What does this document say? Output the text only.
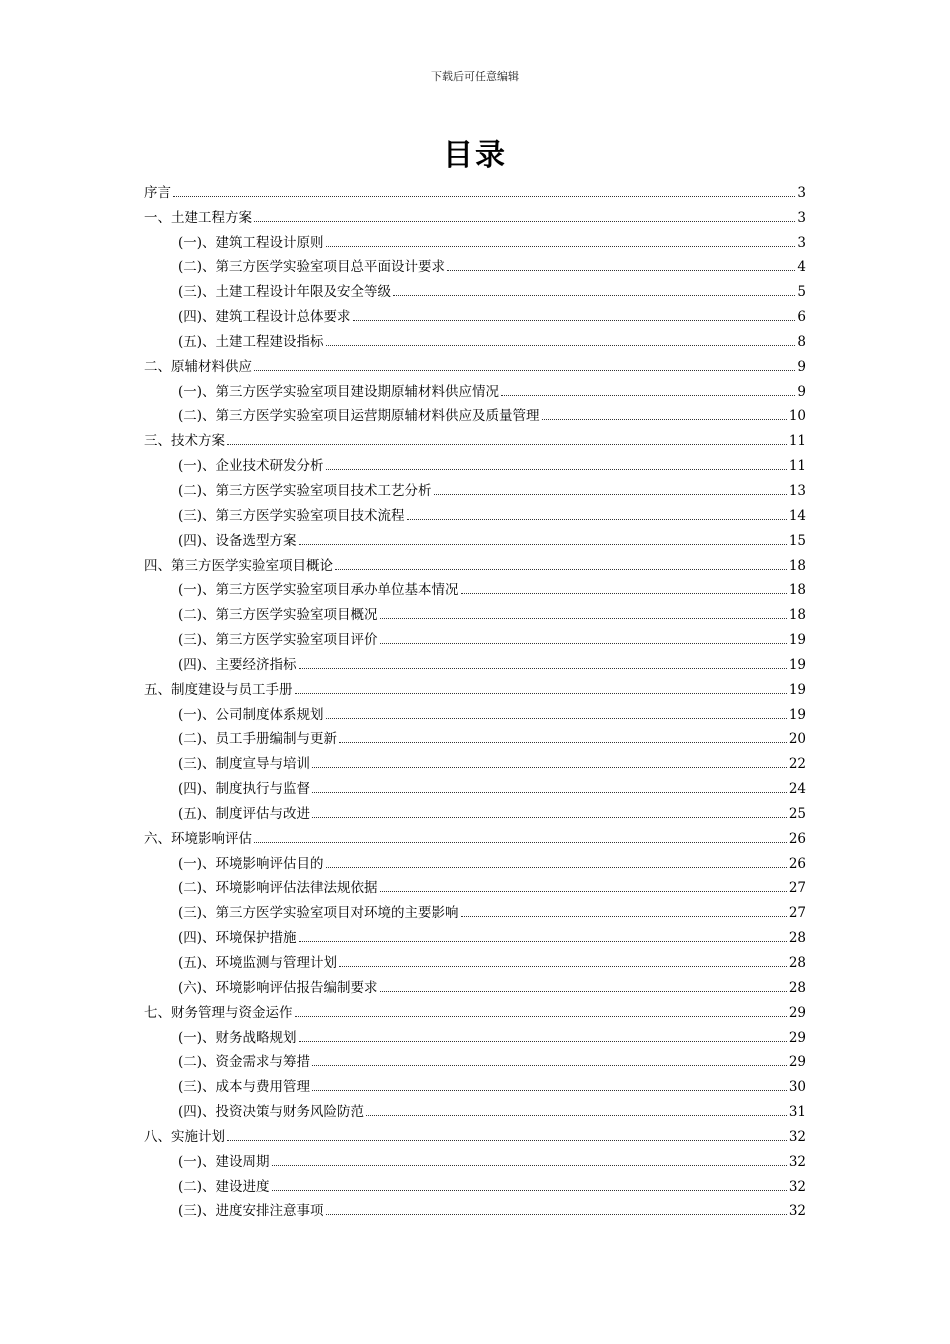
下载后可任意编辑
目录
序言	3
一、土建工程方案	3
(一)、建筑工程设计原则	3
(二)、第三方医学实验室项目总平面设计要求	4
(三)、土建工程设计年限及安全等级	5
(四)、建筑工程设计总体要求	6
(五)、土建工程建设指标	8
二、原辅材料供应	9
(一)、第三方医学实验室项目建设期原辅材料供应情况	9
(二)、第三方医学实验室项目运营期原辅材料供应及质量管理	10
三、技术方案	11
(一)、企业技术研发分析	11
(二)、第三方医学实验室项目技术工艺分析	13
(三)、第三方医学实验室项目技术流程	14
(四)、设备选型方案	15
四、第三方医学实验室项目概论	18
(一)、第三方医学实验室项目承办单位基本情况	18
(二)、第三方医学实验室项目概况	18
(三)、第三方医学实验室项目评价	19
(四)、主要经济指标	19
五、制度建设与员工手册	19
(一)、公司制度体系规划	19
(二)、员工手册编制与更新	20
(三)、制度宣导与培训	22
(四)、制度执行与监督	24
(五)、制度评估与改进	25
六、环境影响评估	26
(一)、环境影响评估目的	26
(二)、环境影响评估法律法规依据	27
(三)、第三方医学实验室项目对环境的主要影响	27
(四)、环境保护措施	28
(五)、环境监测与管理计划	28
(六)、环境影响评估报告编制要求	28
七、财务管理与资金运作	29
(一)、财务战略规划	29
(二)、资金需求与筹措	29
(三)、成本与费用管理	30
(四)、投资决策与财务风险防范	31
八、实施计划	32
(一)、建设周期	32
(二)、建设进度	32
(三)、进度安排注意事项	32
